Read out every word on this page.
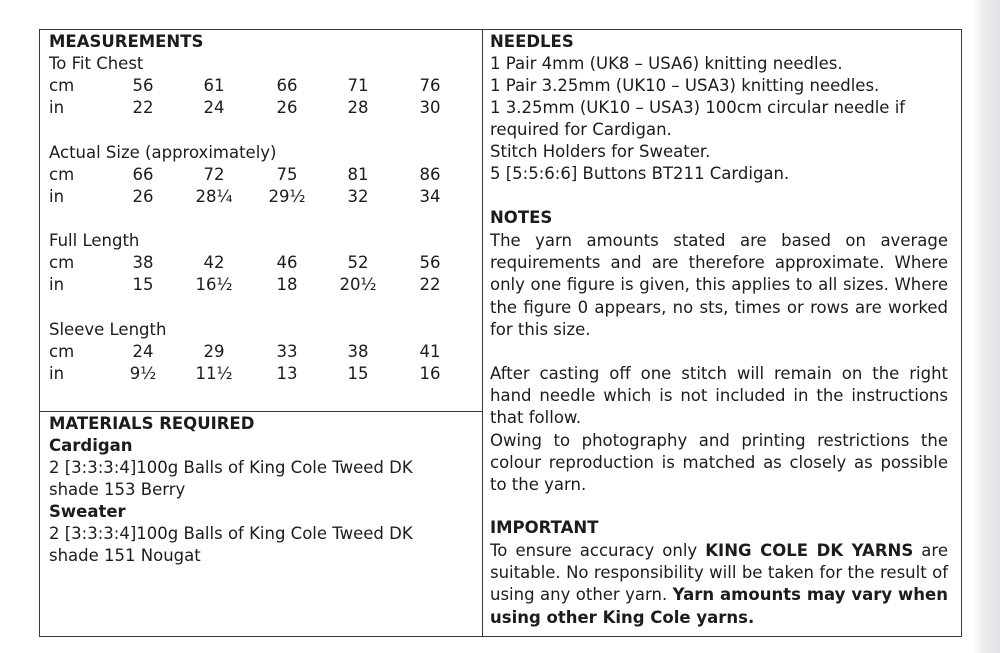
MEASUREMENTS
To Fit Chest
cm	56	61	66	71	76
in	22	24	26	28	30
Actual Size (approximately)
cm	66	72	75	81	86
in	26	28¼	29½	32	34
Full Length
cm	38	42	46	52	56
in	15	16½	18	20½	22
Sleeve Length
cm	24	29	33	38	41
in	9½	11½	13	15	16
MATERIALS REQUIRED
Cardigan
2 [3:3:3:4]100g Balls of King Cole Tweed DK
shade 153 Berry
Sweater
2 [3:3:3:4]100g Balls of King Cole Tweed DK
shade 151 Nougat
NEEDLES
1 Pair 4mm (UK8 – USA6) knitting needles.
1 Pair 3.25mm (UK10 – USA3) knitting needles.
1 3.25mm (UK10 – USA3) 100cm circular needle if
required for Cardigan.
Stitch Holders for Sweater.
5 [5:5:6:6] Buttons BT211 Cardigan.
NOTES

The yarn amounts stated are based on average requirements and are therefore approximate. Where only one figure is given, this applies to all sizes. Where the figure 0 appears, no sts, times or rows are worked for this size.

After casting off one stitch will remain on the right hand needle which is not included in the instructions that follow.

Owing to photography and printing restrictions the colour reproduction is matched as closely as possible to the yarn.

IMPORTANT

To ensure accuracy only KING COLE DK YARNS are suitable. No responsibility will be taken for the result of using any other yarn. Yarn amounts may vary when using other King Cole yarns.
